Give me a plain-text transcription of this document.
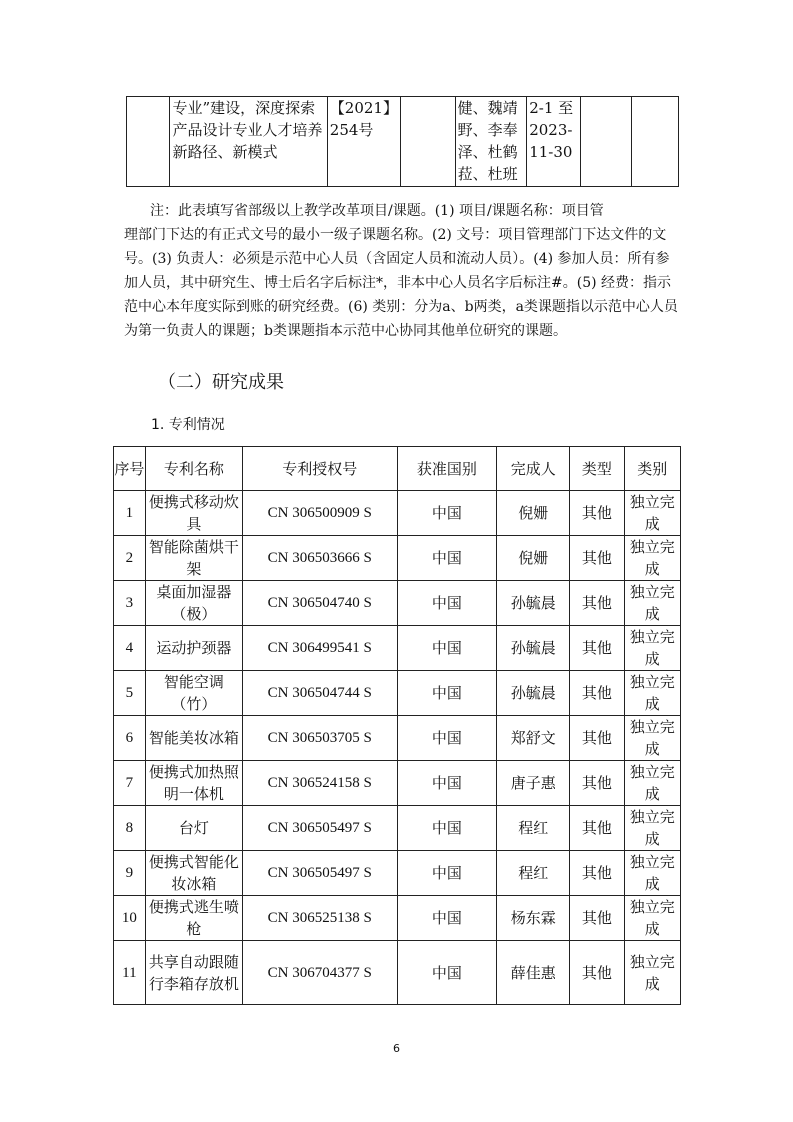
	专业”建设，深度探索产品设计专业人才培养新路径、新模式	【2021】254号		健、魏靖野、李奉泽、杜鹤菈、杜班	2-1 至 2023-11-30		

注：此表填写省部级以上教学改革项目/课题。(1) 项目/课题名称：项目管

理部门下达的有正式文号的最小一级子课题名称。(2) 文号：项目管理部门下达文件的文号。(3) 负责人：必须是示范中心人员（含固定人员和流动人员）。(4) 参加人员：所有参加人员，其中研究生、博士后名字后标注*，非本中心人员名字后标注#。(5) 经费：指示范中心本年度实际到账的研究经费。(6) 类别：分为a、b两类，a类课题指以示范中心人员为第一负责人的课题；b类课题指本示范中心协同其他单位研究的课题。

（二）研究成果
1. 专利情况
序号	专利名称	专利授权号	获准国别	完成人	类型	类别
1	便携式移动炊具	CN 306500909 S	中国	倪姗	其他	独立完成
2	智能除菌烘干架	CN 306503666 S	中国	倪姗	其他	独立完成
3	桌面加湿器（极）	CN 306504740 S	中国	孙毓晨	其他	独立完成
4	运动护颈器	CN 306499541 S	中国	孙毓晨	其他	独立完成
5	智能空调（竹）	CN 306504744 S	中国	孙毓晨	其他	独立完成
6	智能美妆冰箱	CN 306503705 S	中国	郑舒文	其他	独立完成
7	便携式加热照明一体机	CN 306524158 S	中国	唐子惠	其他	独立完成
8	台灯	CN 306505497 S	中国	程红	其他	独立完成
9	便携式智能化妆冰箱	CN 306505497 S	中国	程红	其他	独立完成
10	便携式逃生喷枪	CN 306525138 S	中国	杨东霖	其他	独立完成
11	共享自动跟随行李箱存放机	CN 306704377 S	中国	薛佳惠	其他	独立完成
6
